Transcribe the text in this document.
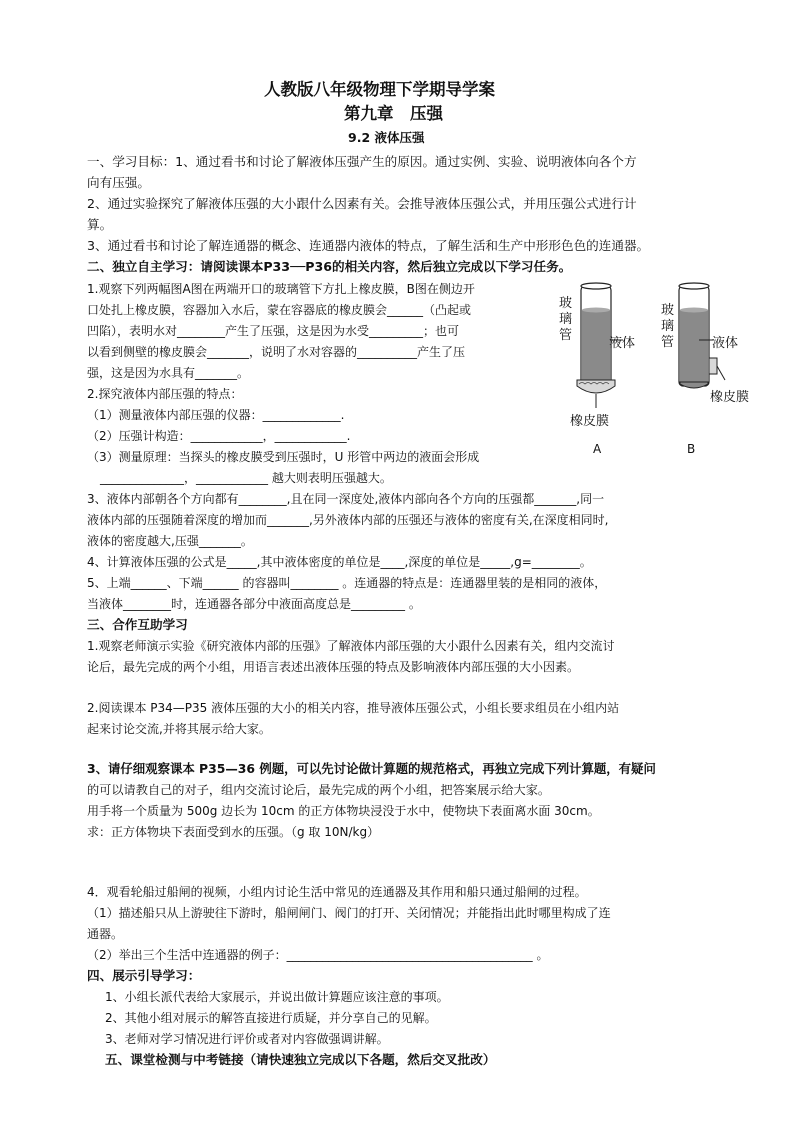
人教版八年级物理下学期导学案
第九章　压强
9.2 液体压强
一、学习目标：1、通过看书和讨论了解液体压强产生的原因。通过实例、实验、说明液体向各个方
向有压强。
2、通过实验探究了解液体压强的大小跟什么因素有关。会推导液体压强公式，并用压强公式进行计
算。
3、通过看书和讨论了解连通器的概念、连通器内液体的特点，了解生活和生产中形形色色的连通器。
二、独立自主学习：请阅读课本P33──P36的相关内容，然后独立完成以下学习任务。
1.观察下列两幅图A图在两端开口的玻璃管下方扎上橡皮膜，B图在侧边开
口处扎上橡皮膜，容器加入水后，蒙在容器底的橡皮膜会______（凸起或
凹陷），表明水对________产生了压强，这是因为水受_________；也可
以看到侧壁的橡皮膜会_______，说明了水对容器的__________产生了压
强，这是因为水具有_______。
2.探究液体内部压强的特点：
（1）测量液体内部压强的仪器：_____________.
（2）压强计构造：____________，____________.
（3）测量原理：当探头的橡皮膜受到压强时，U 形管中两边的液面会形成
______________，____________ 越大则表明压强越大。
3、液体内部朝各个方向都有________,且在同一深度处,液体内部向各个方向的压强都_______,同一
液体内部的压强随着深度的增加而_______,另外液体内部的压强还与液体的密度有关,在深度相同时,
液体的密度越大,压强_______。
4、计算液体压强的公式是_____,其中液体密度的单位是____,深度的单位是_____,g=________。
5、上端______、下端______ 的容器叫________ 。连通器的特点是：连通器里装的是相同的液体，
当液体________时，连通器各部分中液面高度总是_________ 。
三、合作互助学习
1.观察老师演示实验《研究液体内部的压强》了解液体内部压强的大小跟什么因素有关，组内交流讨
论后，最先完成的两个小组，用语言表述出液体压强的特点及影响液体内部压强的大小因素。
2.阅读课本 P34—P35 液体压强的大小的相关内容，推导液体压强公式，小组长要求组员在小组内站
起来讨论交流,并将其展示给大家。
3、请仔细观察课本 P35—36 例题，可以先讨论做计算题的规范格式，再独立完成下列计算题，有疑问
的可以请教自己的对子，组内交流讨论后，最先完成的两个小组，把答案展示给大家。
用手将一个质量为 500g 边长为 10cm 的正方体物块浸没于水中，使物块下表面离水面 30cm。
求：正方体物块下表面受到水的压强。（g 取 10N/kg）
4．观看轮船过船闸的视频，小组内讨论生活中常见的连通器及其作用和船只通过船闸的过程。
（1）描述船只从上游驶往下游时，船闸闸门、阀门的打开、关闭情况；并能指出此时哪里构成了连
通器。
（2）举出三个生活中连通器的例子：_________________________________________ 。
四、展示引导学习：
1、小组长派代表给大家展示，并说出做计算题应该注意的事项。
2、其他小组对展示的解答直接进行质疑，并分享自己的见解。
3、老师对学习情况进行评价或者对内容做强调讲解。
五、课堂检测与中考链接（请快速独立完成以下各题，然后交叉批改）
玻
璃
管
液体
橡皮膜
A
玻
璃
管	液体
橡皮膜
B
